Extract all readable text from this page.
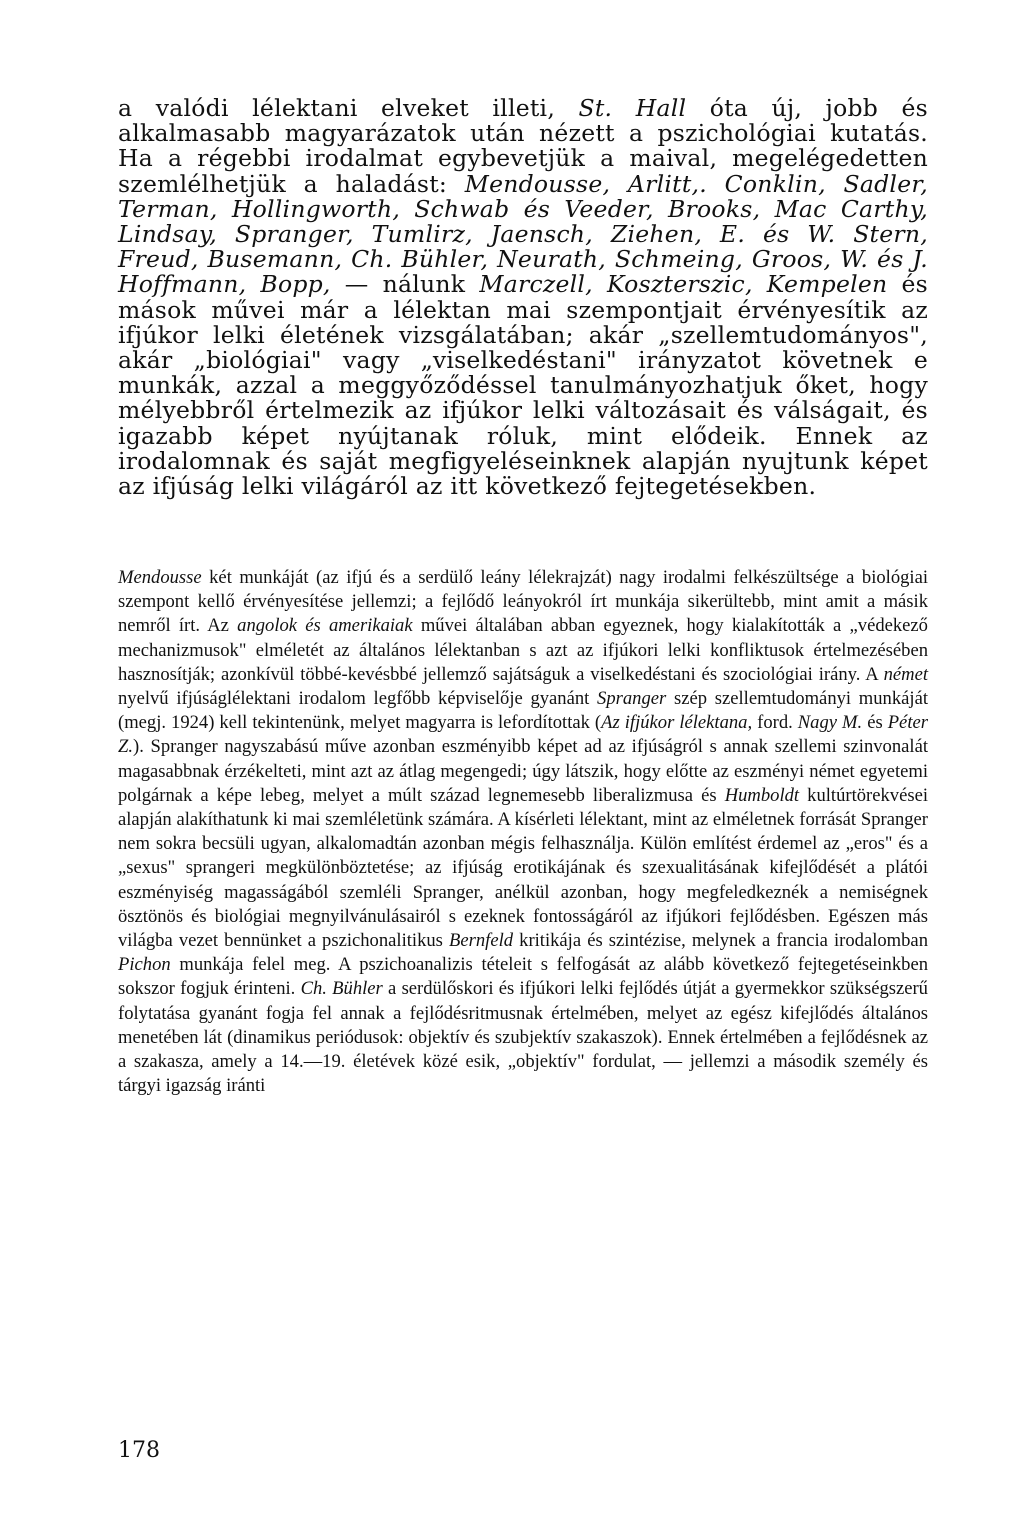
a valódi lélektani elveket illeti, St. Hall óta új, jobb és alkalmasabb magyarázatok után nézett a pszichológiai kutatás. Ha a régebbi irodalmat egybevetjük a maival, megelégedetten szemlélhetjük a haladást: Mendousse, Arlitt,. Conklin, Sadler, Terman, Hollingworth, Schwab és Veeder, Brooks, Mac Carthy, Lindsay, Spranger, Tumlirz, Jaensch, Ziehen, E. és W. Stern, Freud, Busemann, Ch. Bühler, Neurath, Schmeing, Groos, W. és J. Hoffmann, Bopp, — nálunk Marczell, Koszterszic, Kempelen és mások művei már a lélektan mai szempontjait érvényesítik az ifjúkor lelki életének vizsgálatában; akár „szellemtudományos", akár „biológiai" vagy „viselkedéstani" irányzatot követnek e munkák, azzal a meggyőződéssel tanulmányozhatjuk őket, hogy mélyebbről értelmezik az ifjúkor lelki változásait és válságait, és igazabb képet nyújtanak róluk, mint elődeik. Ennek az irodalomnak és saját megfigyeléseinknek alapján nyujtunk képet az ifjúság lelki világáról az itt következő fejtegetésekben.
Mendousse két munkáját (az ifjú és a serdülő leány lélekrajzát) nagy irodalmi felkészültsége a biológiai szempont kellő érvényesítése jellemzi; a fejlődő leányokról írt munkája sikerültebb, mint amit a másik nemről írt. Az angolok és amerikaiak művei általában abban egyeznek, hogy kialakították a „védekező mechanizmusok" elméletét az általános lélektanban s azt az ifjúkori lelki konfliktusok értelmezésében hasznosítják; azonkívül többé-kevésbbé jellemző sajátságuk a viselkedéstani és szociológiai irány. A német nyelvű ifjúságlélektani irodalom legfőbb képviselője gyanánt Spranger szép szellemtudományi munkáját (megj. 1924) kell tekintenünk, melyet magyarra is lefordítottak (Az ifjúkor lélektana, ford. Nagy M. és Péter Z.). Spranger nagyszabású műve azonban eszményibb képet ad az ifjúságról s annak szellemi szinvonalát magasabbnak érzékelteti, mint azt az átlag megengedi; úgy látszik, hogy előtte az eszményi német egyetemi polgárnak a képe lebeg, melyet a múlt század legnemesebb liberalizmusa és Humboldt kultúrtörekvései alapján alakíthatunk ki mai szemléletünk számára. A kísérleti lélektant, mint az elméletnek forrását Spranger nem sokra becsüli ugyan, alkalomadtán azonban mégis felhasználja. Külön említést érdemel az „eros" és a „sexus" sprangeri megkülönböztetése; az ifjúság erotikájának és szexualitásának kifejlődését a plátói eszményiség magasságából szemléli Spranger, anélkül azonban, hogy megfeledkeznék a nemiségnek ösztönös és biológiai megnyilvánulásairól s ezeknek fontosságáról az ifjúkori fejlődésben. Egészen más világba vezet bennünket a pszichonalitikus Bernfeld kritikája és szintézise, melynek a francia irodalomban Pichon munkája felel meg. A pszichoanalizis tételeit s felfogását az alább következő fejtegetéseinkben sokszor fogjuk érinteni. Ch. Bühler a serdülőskori és ifjúkori lelki fejlődés útját a gyermekkor szükségszerű folytatása gyanánt fogja fel annak a fejlődésritmusnak értelmében, melyet az egész kifejlődés általános menetében lát (dinamikus periódusok: objektív és szubjektív szakaszok). Ennek értelmében a fejlődésnek az a szakasza, amely a 14.—19. életévek közé esik, „objektív" fordulat, — jellemzi a második személy és tárgyi igazság iránti
178
